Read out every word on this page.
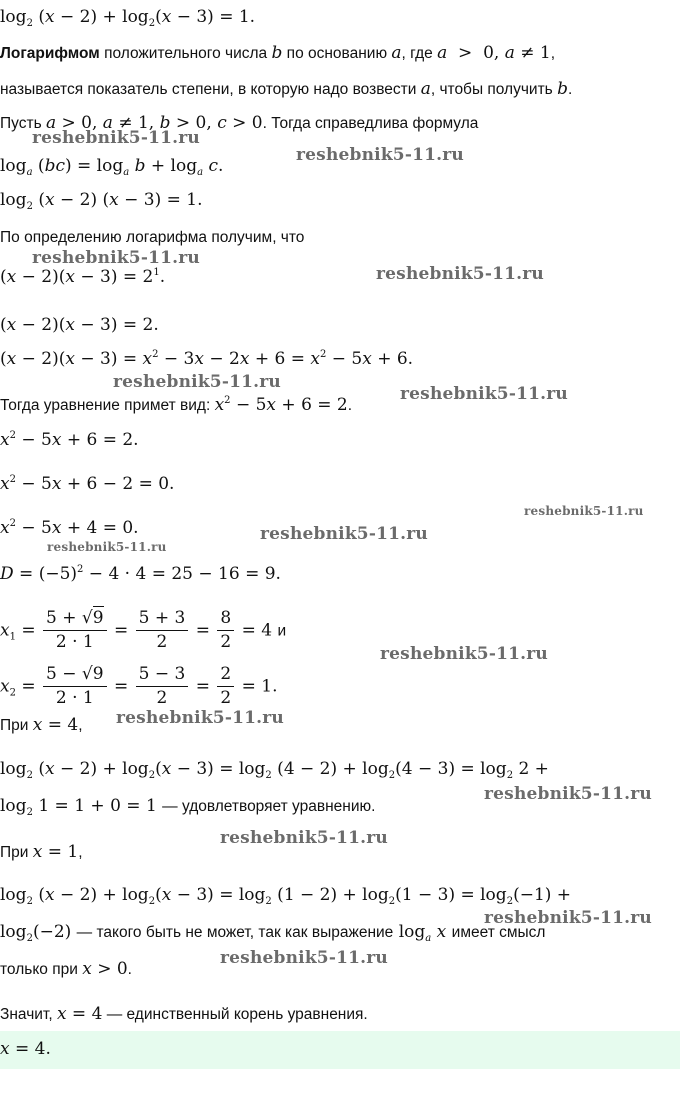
$\log_2 (x - 2) + \log_2(x - 3) = 1$.
Логарифмом положительного числа b по основанию a, где a  >  0, a ≠ 1,
называется показатель степени, в которую надо возвести a, чтобы получить b.
Пусть a > 0, a ≠ 1, b > 0, c > 0. Тогда справедлива формула
$\log_a (bc) = \log_a b + \log_a c$.
$\log_2 (x - 2) (x - 3) = 1$.
По определению логарифма получим, что
$(x - 2)(x - 3) = 2^1$.
(x − 2)(x − 3) = 2.
$(x - 2)(x - 3) = x^2 - 3x - 2x + 6 = x^2 - 5x + 6$.
Тогда уравнение примет вид: $x^2 - 5x + 6 = 2$.
$x^2 - 5x + 6 = 2$.
$x^2 - 5x + 6 - 2 = 0$.
$x^2 - 5x + 4 = 0$.
$D = (-5)^2 - 4 \cdot 4 = 25 - 16 = 9$.
$x_1 = \frac{5 + √9}{2 \cdot 1} = \frac{5 + 3}{2} = \frac{8}{2} = 4$ и
$x_2 = \frac{5 - √9}{2 \cdot 1} = \frac{5 - 3}{2} = \frac{2}{2} = 1$.
При x = 4,
$\log_2 (x - 2) + \log_2(x - 3) = \log_2 (4 - 2) + \log_2(4 - 3) = \log_2 2$ +
$\log_2 1 = 1 + 0 = 1$ — удовлетворяет уравнению.
При x = 1,
$\log_2 (x - 2) + \log_2(x - 3) = \log_2 (1 - 2) + \log_2(1 - 3) = \log_2(-1)$ +
$\log_2(-2)$ — такого быть не может, так как выражение $\log_a x$ имеет смысл
только при x > 0.
Значит, x = 4 — единственный корень уравнения.
x = 4.
reshebnik5-11.ru
reshebnik5-11.ru
reshebnik5-11.ru
reshebnik5-11.ru
reshebnik5-11.ru
reshebnik5-11.ru
reshebnik5-11.ru
reshebnik5-11.ru
reshebnik5-11.ru
reshebnik5-11.ru
reshebnik5-11.ru
reshebnik5-11.ru
reshebnik5-11.ru
reshebnik5-11.ru
reshebnik5-11.ru
